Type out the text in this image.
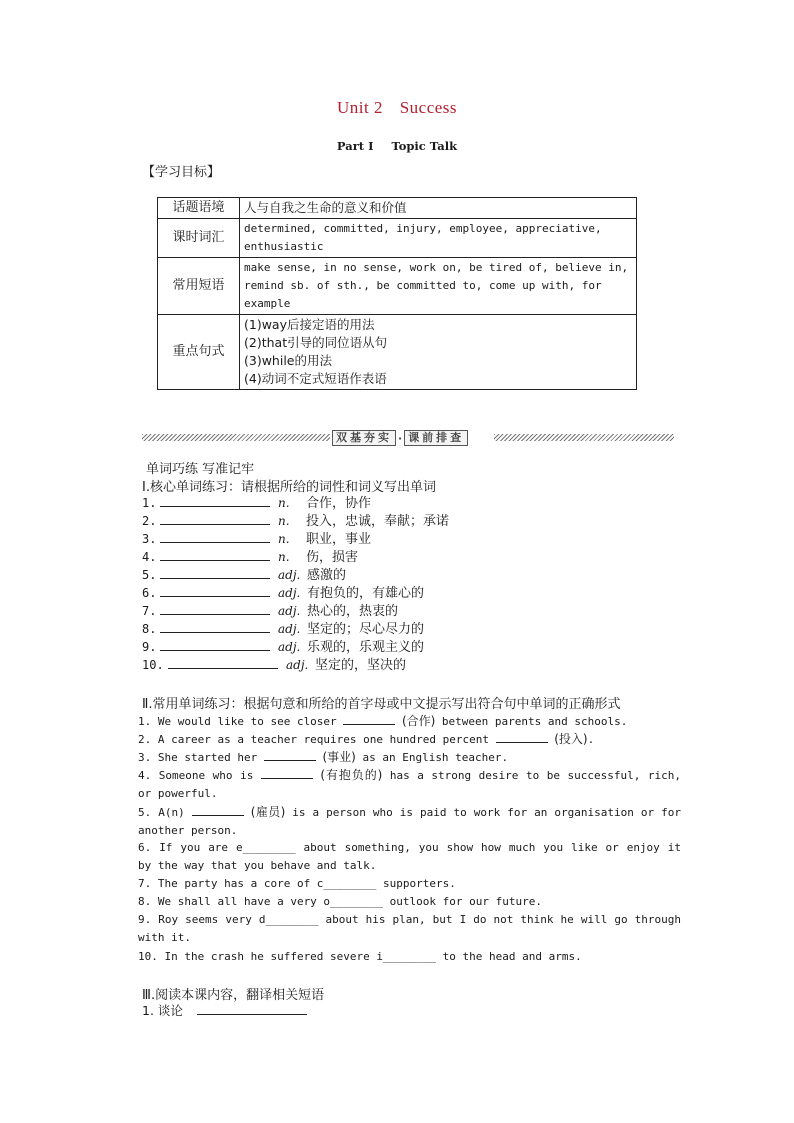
Unit 2 Success
Part Ⅰ Topic Talk
【学习目标】
话题语境	人与自我之生命的意义和价值
课时词汇	determined, committed, injury, employee, appreciative, enthusiastic
常用短语	make sense, in no sense, work on, be tired of, believe in, remind sb. of sth., be committed to, come up with, for example
重点句式	(1)way后接定语的用法
(2)that引导的同位语从句
(3)while的用法
(4)动词不定式短语作表语
双基夯实 · 课前排查
单词巧练 写准记牢
Ⅰ.核心单词练习：请根据所给的词性和词义写出单词
1.	n. 合作，协作
2.	n. 投入，忠诚，奉献；承诺
3.	n. 职业，事业
4.	n. 伤，损害
5.	adj. 感激的
6.	adj. 有抱负的，有雄心的
7.	adj. 热心的，热衷的
8.	adj. 坚定的；尽心尽力的
9.	adj. 乐观的，乐观主义的
10.	adj. 坚定的，坚决的
Ⅱ.常用单词练习：根据句意和所给的首字母或中文提示写出符合句中单词的正确形式
1. We would like to see closer	(合作) between parents and schools.
2. A career as a teacher requires one hundred percent	(投入).
3. She started her	(事业) as an English teacher.
4. Someone who is	(有抱负的) has a strong desire to be successful, rich, or powerful.
5. A(n)	(雇员) is a person who is paid to work for an organisation or for another person.
6. If you are e________ about something, you show how much you like or enjoy it by the way that you behave and talk.
7. The party has a core of c________ supporters.
8. We shall all have a very o________ outlook for our future.
9. Roy seems very d________ about his plan, but I do not think he will go through with it.
10. In the crash he suffered severe i________ to the head and arms.
Ⅲ.阅读本课内容，翻译相关短语
1. 谈论
